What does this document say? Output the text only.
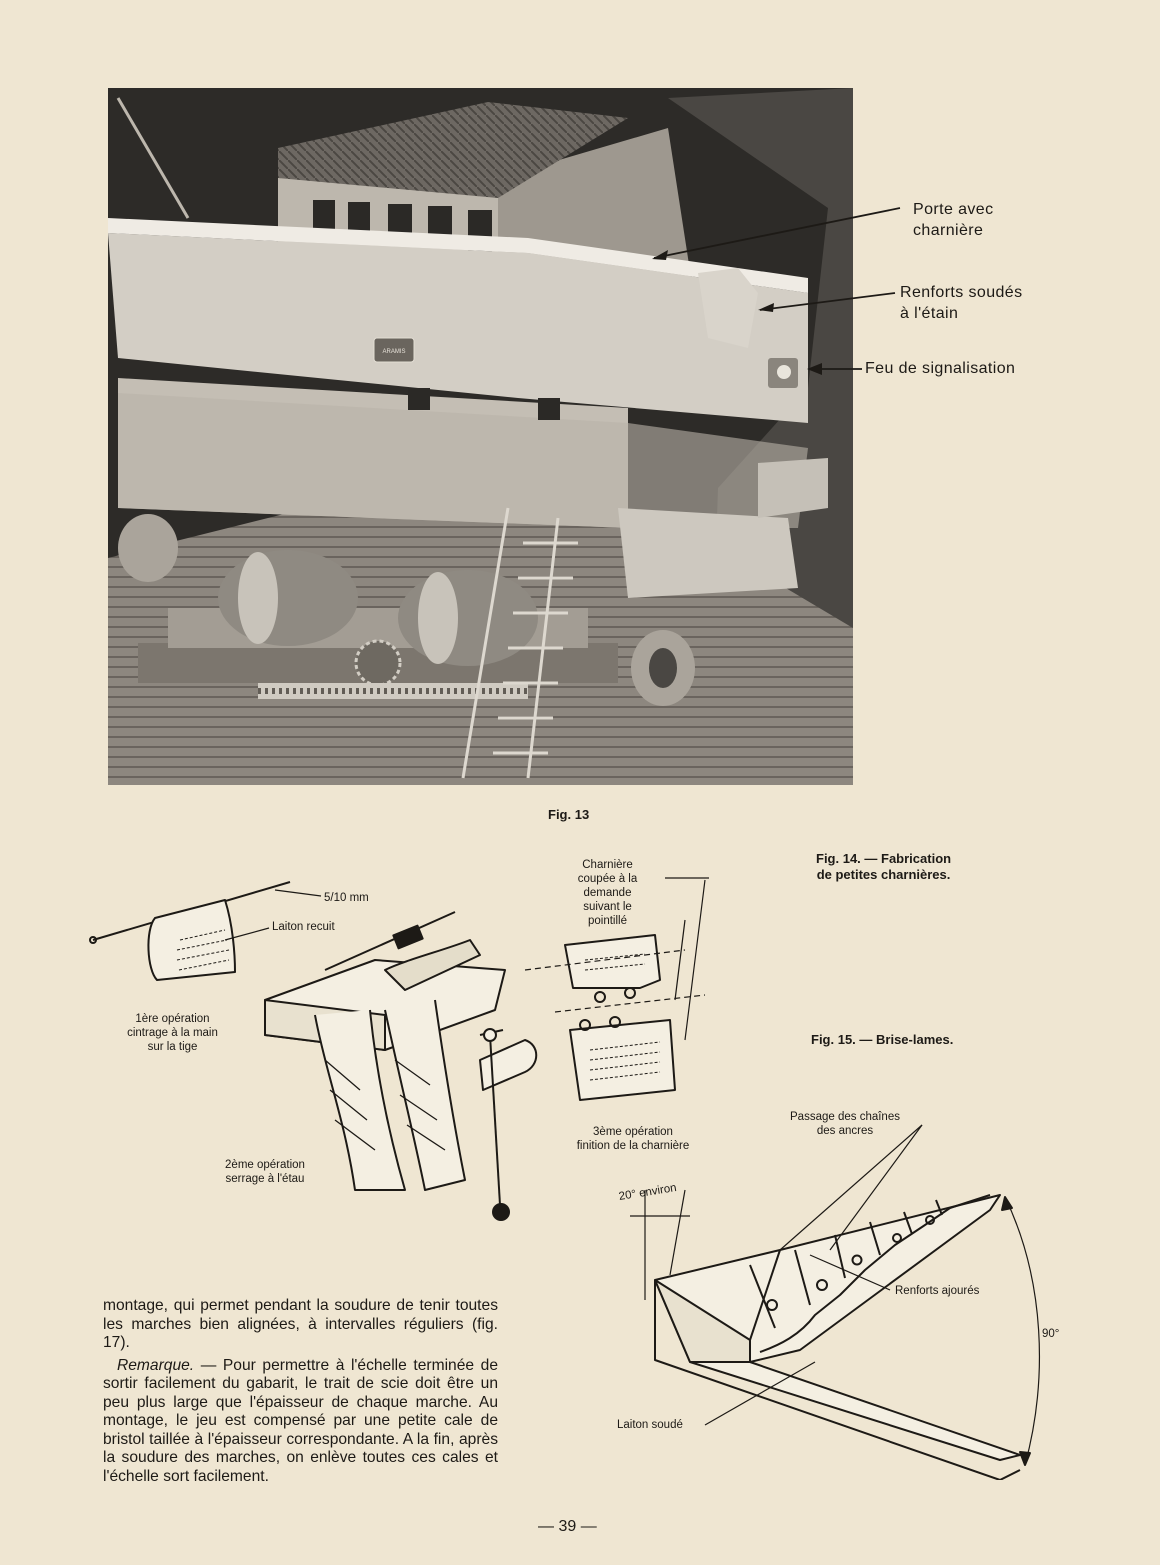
ARAMIS
Porte avec
charnière
Renforts soudés
à l'étain
Feu de signalisation
Fig. 13
Fig. 14. — Fabrication
de petites charnières.
Fig. 15. — Brise-lames.
5/10 mm
Laiton recuit
1ère opération
cintrage à la main
sur la tige
2ème opération
serrage à l'étau
Charnière
coupée à la
demande
suivant le
pointillé
3ème opération
finition de la charnière
Passage des chaînes
des ancres
20° environ
Renforts ajourés
90°
Laiton soudé

montage, qui permet pendant la soudure de tenir toutes les marches bien alignées, à intervalles réguliers (fig. 17).

Remarque. — Pour permettre à l'échelle terminée de sortir facilement du gabarit, le trait de scie doit être un peu plus large que l'épaisseur de chaque marche. Au montage, le jeu est compensé par une petite cale de bristol taillée à l'épaisseur correspondante. A la fin, après la soudure des marches, on enlève toutes ces cales et l'échelle sort facilement.

— 39 —
